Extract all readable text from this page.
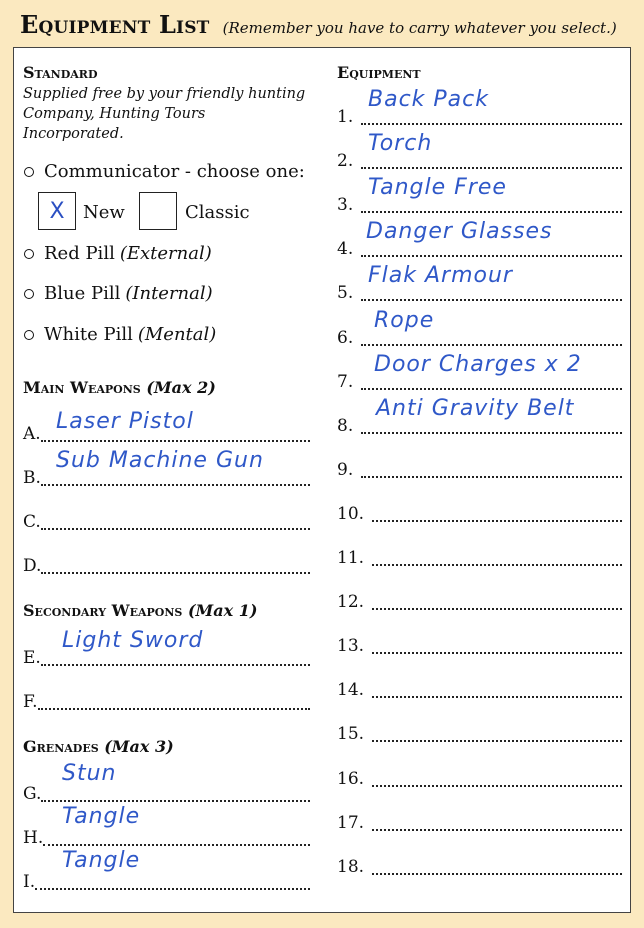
Equipment List (Remember you have to carry whatever you select.)
Standard
Supplied free by your friendly hunting Company, Hunting Tours Incorporated.
Communicator - choose one:
X	New	Classic
Red Pill (External)
Blue Pill (Internal)
White Pill (Mental)
Main Weapons (Max 2)
A. Laser Pistol
B.
Sub Machine Gun
C.
D.
Secondary Weapons (Max 1)
E.
Light Sword
F.
Grenades (Max 3)
G.
Stun
H.
Tangle
I.
Tangle
Equipment
1.
Back Pack
2.
Torch
3.
Tangle Free
4.
Danger Glasses
5.
Flak Armour
6.
Rope
7.
Door Charges x 2
8.
Anti Gravity Belt
9.
10.
11.
12.
13.
14.
15.
16.
17.
18.
